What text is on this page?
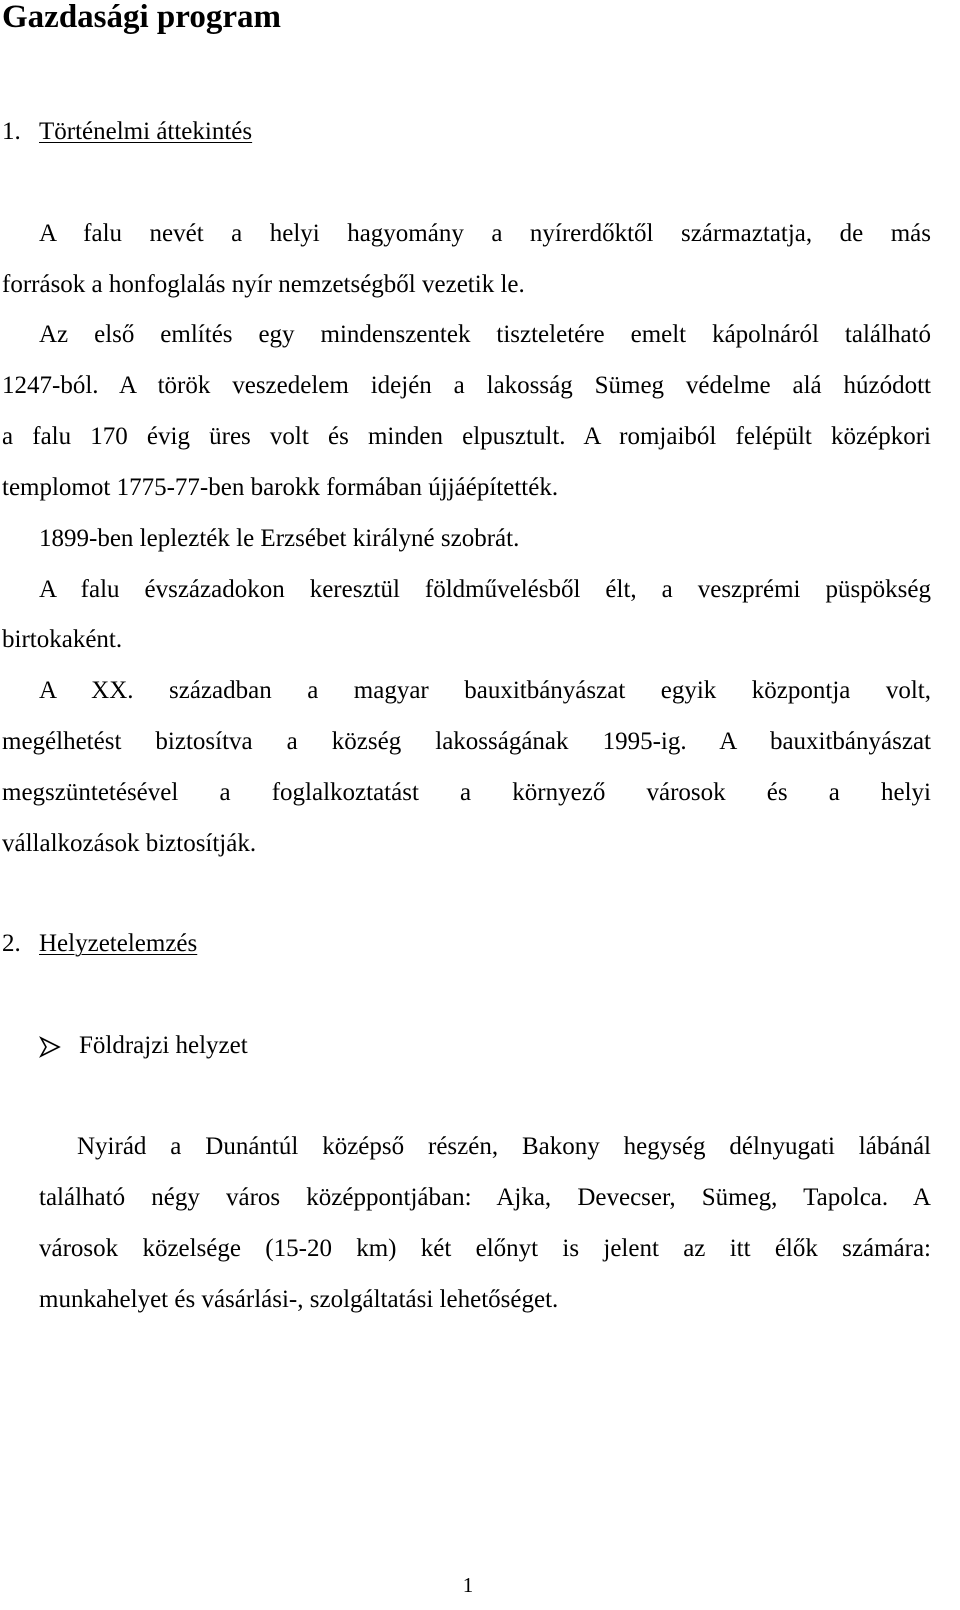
Gazdasági program
1. Történelmi áttekintés
A falu nevét a helyi hagyomány a nyírerdőktől származtatja, de más
források a honfoglalás nyír nemzetségből vezetik le.
Az első említés egy mindenszentek tiszteletére emelt kápolnáról található
1247-ból. A török veszedelem idején a lakosság Sümeg védelme alá húzódott
a falu 170 évig üres volt és minden elpusztult. A romjaiból felépült középkori
templomot 1775-77-ben barokk formában újjáépítették.
1899-ben leplezték le Erzsébet királyné szobrát.
A falu évszázadokon keresztül földművelésből élt, a veszprémi püspökség
birtokaként.
A XX. században a magyar bauxitbányászat egyik központja volt,
megélhetést biztosítva a község lakosságának 1995-ig. A bauxitbányászat
megszüntetésével a foglalkoztatást a környező városok és a helyi
vállalkozások biztosítják.
2. Helyzetelemzés
Földrajzi helyzet
Nyirád a Dunántúl középső részén, Bakony hegység délnyugati lábánál
található négy város középpontjában: Ajka, Devecser, Sümeg, Tapolca. A
városok közelsége (15-20 km) két előnyt is jelent az itt élők számára:
munkahelyet és vásárlási-, szolgáltatási lehetőséget.
1
